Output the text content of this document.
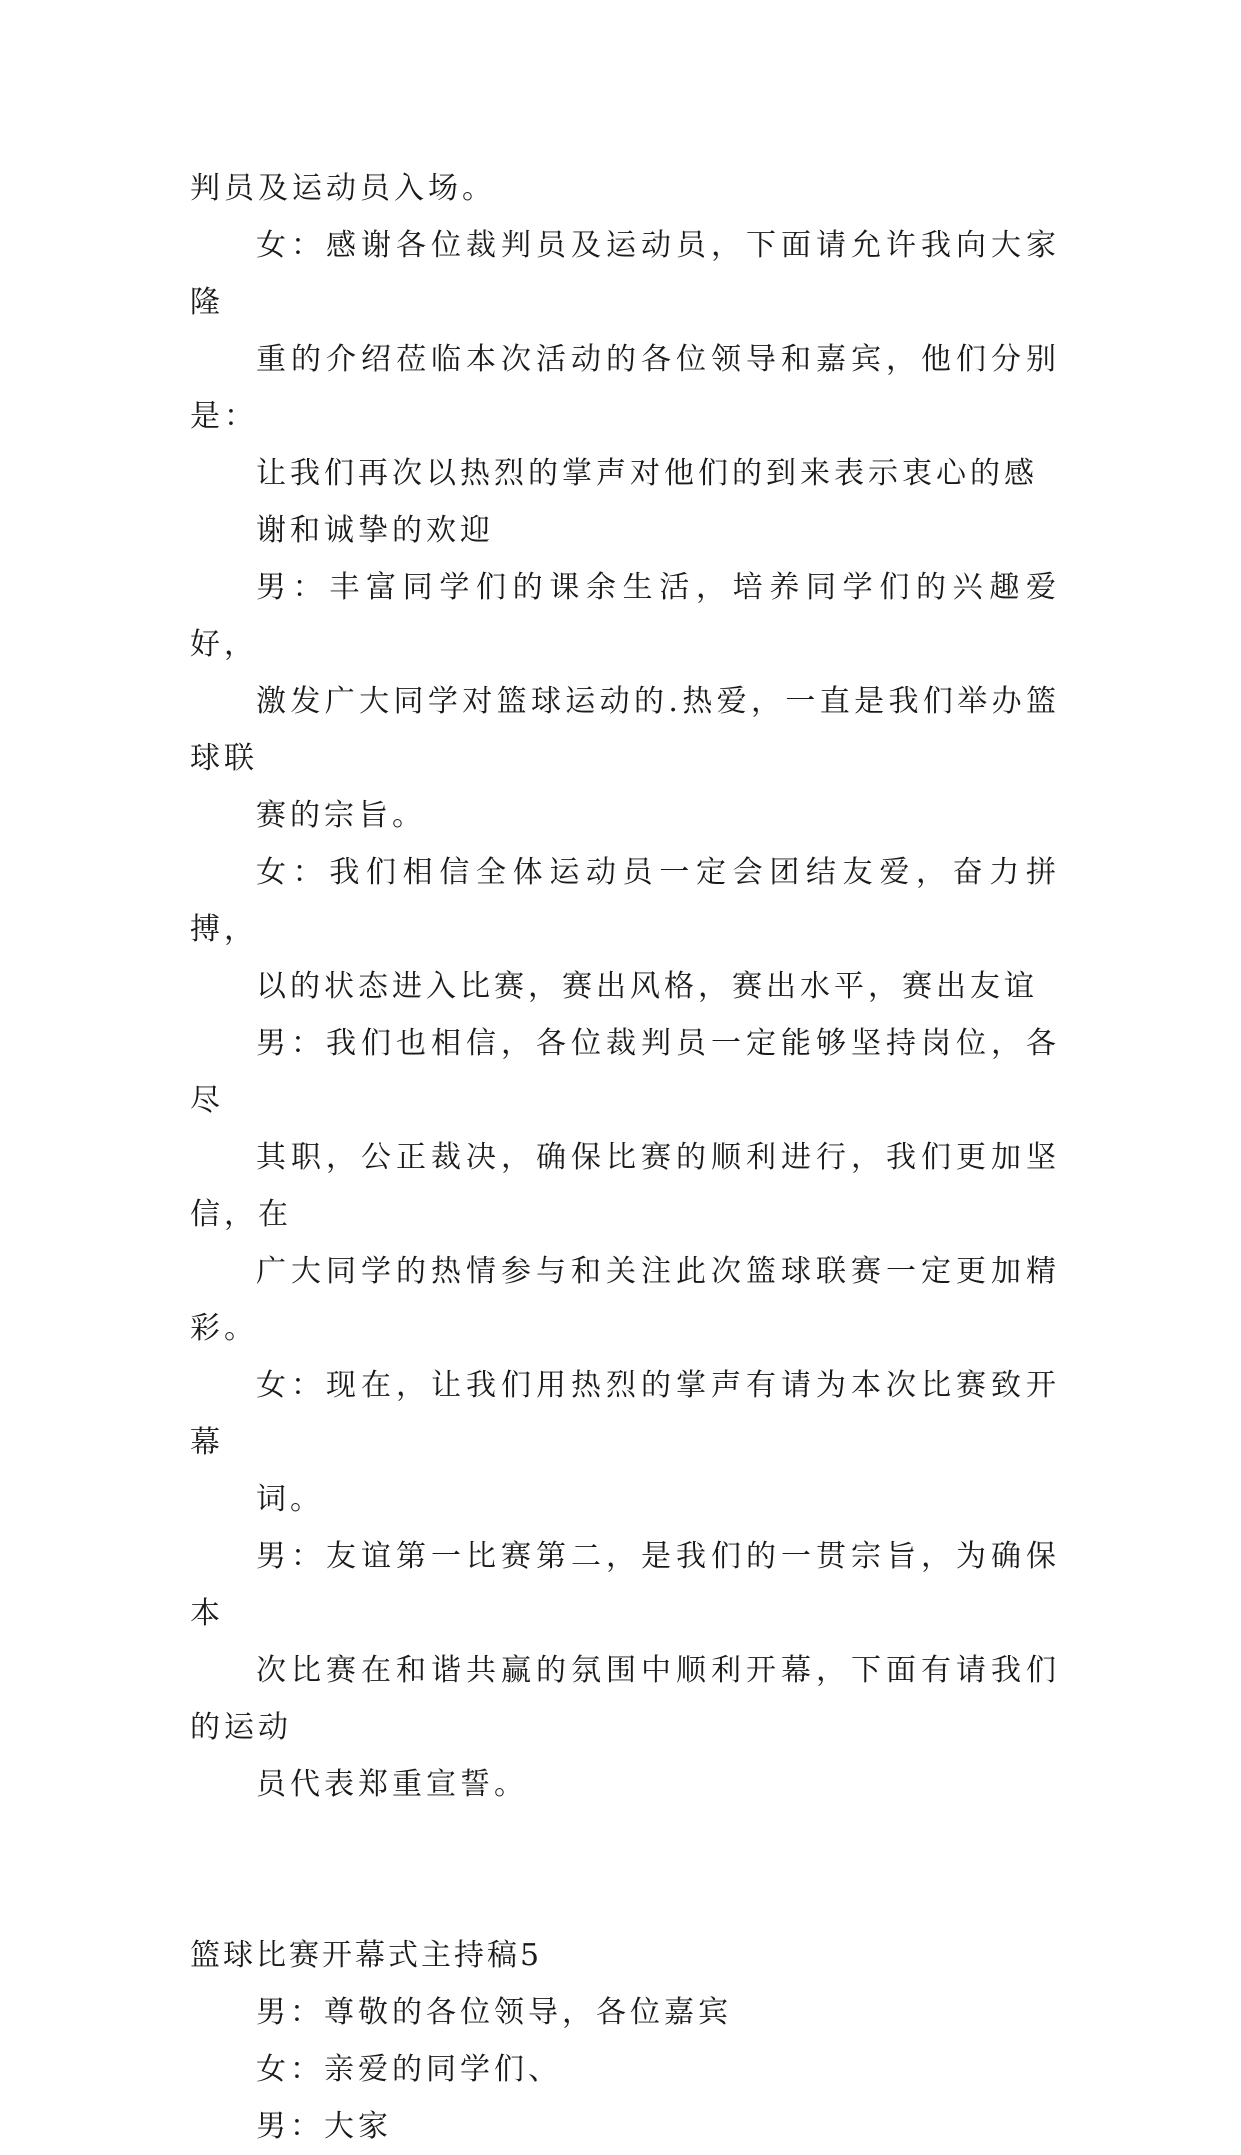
判员及运动员入场。

女：感谢各位裁判员及运动员，下面请允许我向大家隆
重的介绍莅临本次活动的各位领导和嘉宾，他们分别是：

让我们再次以热烈的掌声对他们的到来表示衷心的感
谢和诚挚的欢迎

男：丰富同学们的课余生活，培养同学们的兴趣爱好，
激发广大同学对篮球运动的.热爱，一直是我们举办篮球联
赛的宗旨。

女：我们相信全体运动员一定会团结友爱，奋力拼搏，
以的状态进入比赛，赛出风格，赛出水平，赛出友谊

男：我们也相信，各位裁判员一定能够坚持岗位，各尽
其职，公正裁决，确保比赛的顺利进行，我们更加坚信，在
广大同学的热情参与和关注此次篮球联赛一定更加精彩。

女：现在，让我们用热烈的掌声有请为本次比赛致开幕
词。

男：友谊第一比赛第二，是我们的一贯宗旨，为确保本
次比赛在和谐共赢的氛围中顺利开幕，下面有请我们的运动
员代表郑重宣誓。

篮球比赛开幕式主持稿5

男：尊敬的各位领导，各位嘉宾

女：亲爱的同学们、

男：大家
